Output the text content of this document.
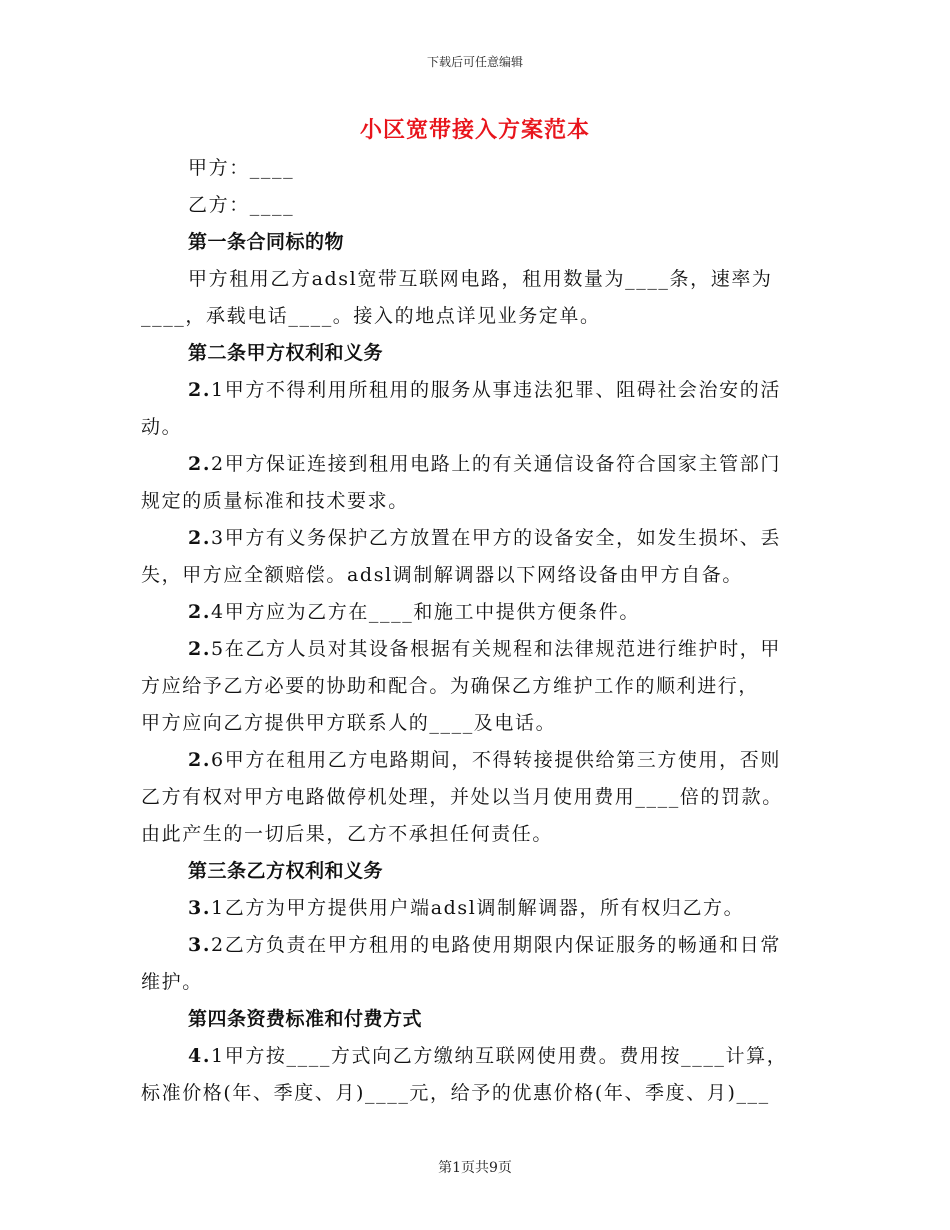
下载后可任意编辑
小区宽带接入方案范本
甲方：____
乙方：____
第一条合同标的物
甲方租用乙方adsl宽带互联网电路，租用数量为____条，速率为
____，承载电话____。接入的地点详见业务定单。
第二条甲方权利和义务
2.1甲方不得利用所租用的服务从事违法犯罪、阻碍社会治安的活
动。
2.2甲方保证连接到租用电路上的有关通信设备符合国家主管部门
规定的质量标准和技术要求。
2.3甲方有义务保护乙方放置在甲方的设备安全，如发生损坏、丢
失，甲方应全额赔偿。adsl调制解调器以下网络设备由甲方自备。
2.4甲方应为乙方在____和施工中提供方便条件。
2.5在乙方人员对其设备根据有关规程和法律规范进行维护时，甲
方应给予乙方必要的协助和配合。为确保乙方维护工作的顺利进行，
甲方应向乙方提供甲方联系人的____及电话。
2.6甲方在租用乙方电路期间，不得转接提供给第三方使用，否则
乙方有权对甲方电路做停机处理，并处以当月使用费用____倍的罚款。
由此产生的一切后果，乙方不承担任何责任。
第三条乙方权利和义务
3.1乙方为甲方提供用户端adsl调制解调器，所有权归乙方。
3.2乙方负责在甲方租用的电路使用期限内保证服务的畅通和日常
维护。
第四条资费标准和付费方式
4.1甲方按____方式向乙方缴纳互联网使用费。费用按____计算，
标准价格(年、季度、月)____元，给予的优惠价格(年、季度、月)___
第1页共9页
